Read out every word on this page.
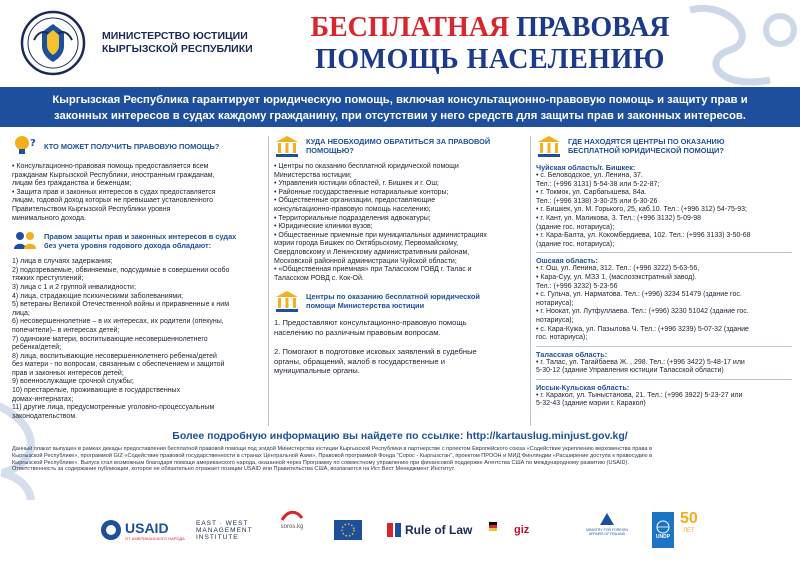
МИНИСТЕРСТВО ЮСТИЦИИ
КЫРГЫЗСКОЙ РЕСПУБЛИКИ
БЕСПЛАТНАЯ ПРАВОВАЯ
ПОМОЩЬ НАСЕЛЕНИЮ
Кыргызская Республика гарантирует юридическую помощь, включая консультационно-правовую помощь и защиту прав и
законных интересов в судах каждому гражданину, при отсутствии у него средств для защиты прав и законных интересов.
? КТО МОЖЕТ ПОЛУЧИТЬ ПРАВОВУЮ ПОМОЩЬ?
• Консультационно-правовая помощь предоставляется всем
гражданам Кыргызской Республики, иностранным гражданам,
лицам без гражданства и беженцам;
• Защита прав и законных интересов в судах предоставляется
лицам, годовой доход которых не превышает установленного
Правительством Кыргызской Республики уровня
минимального дохода.
Правом защиты прав и законных интересов в судах
без учета уровня годового дохода обладают:
1) лица в случаях задержания;
2) подозреваемые, обвиняемые, подсудимые в совершении особо
тяжких преступлений;
3) лица с 1 и 2 группой инвалидности;
4) лица, страдающие психическими заболеваниями;
5) ветераны Великой Отечественной войны и приравненные к ним
лица;
6) несовершеннолетние – в их интересах, их родители (опекуны,
попечители)– в интересах детей;
7) одинокие матери, воспитывающие несовершеннолетнего
ребенка/детей;
8) лица, воспитывающие несовершеннолетнего ребенка/детей
без матери - по вопросам, связанным с обеспечением и защитой
прав и законных интересов детей;
9) военнослужащие срочной службы;
10) престарелые, проживающие в государственных
домах-интернатах;
11) другие лица, предусмотренные уголовно-процессуальным
законодательством.
КУДА НЕОБХОДИМО ОБРАТИТЬСЯ ЗА ПРАВОВОЙ
ПОМОЩЬЮ?
• Центры по оказанию бесплатной юридической помощи
Министерства юстиции;
• Управления юстиции областей, г. Бишкек и г. Ош;
• Районные государственные нотариальные конторы;
• Общественные организации, предоставляющие
консультационно-правовую помощь населению;
• Территориальные подразделения адвокатуры;
• Юридические клиники вузов;
• Общественные приемные при муниципальных администрациях
мэрии города Бишкек по Октябрьскому, Первомайскому,
Свердловскому и Ленинскому административным районам,
Московской районной администрации Чуйской области;
• «Общественная приемная» при Таласском ГОВД г. Талас и
Таласском РОВД с. Кок-Ой.
Центры по оказанию бесплатной юридической
помощи Министерства юстиции
1. Предоставляют консультационно-правовую помощь
населению по различным правовым вопросам.

2. Помогают в подготовке исковых заявлений в судебные
органы, обращений, жалоб в государственные и
муниципальные органы.
ГДЕ НАХОДЯТСЯ ЦЕНТРЫ ПО ОКАЗАНИЮ
БЕСПЛАТНОЙ ЮРИДИЧЕСКОЙ ПОМОЩИ?
Чуйская область/г. Бишкек:
• с. Беловодское, ул. Ленина, 37.
Тел.: (+996 3131) 5-54-38 или 5-22-87;
• г. Токмок, ул. Сарбагышева, 84а.
Тел.: (+996 3138) 3-30-25 или 6-30-26
• г. Бишкек, ул. М. Горького, 25, каб.10. Тел.: (+996 312) 54-75-93;
• г. Кант, ул. Маликова, 3. Тел.: (+996 3132) 5-09-98
(здание гос. нотариуса);
• г. Кара-Балта, ул. Кокомбердиева, 102. Тел.: (+996 3133) 3-50-68
(здание гос. нотариуса);
Ошская область:
• г. Ош, ул. Ленина, 312. Тел.: (+996 3222) 5-63-56,
• Кара-Суу, ул. МЗЗ 1, (маслозэкстратный завод).
Тел.: (+996 3232) 5-23-56
• с. Гульча, ул. Нарматова. Тел.: (+996) 3234 51479 (здание гос.
нотариуса);
• г. Ноокат, ул. Лутфуллаева. Тел.: (+996) 3230 51042 (здание гос.
нотариуса);
• с. Кара-Кужа, ул. Пазылова Ч. Тел.: (+996 3239) 5-07-32 (здание
гос. нотариуса);
Таласская область:
• г. Талас, ул. Тагайбаева Ж. , 298. Тел.: (+996 3422) 5-48-17 или
5-30-12 (здание Управления юстиции Таласской области)
Иссык-Кульская область:
• г. Каракол, ул. Тыныстанова, 21. Тел.: (+996 3922) 5-23-27 или
5-32-43 (здание мэрии г. Каракол)
Более подробную информацию вы найдете по ссылке: http://kartauslug.minjust.gov.kg/
Данный плакат выпущен в рамках декады предоставления бесплатной правовой помощи под эгидой Министерства юстиции Кыргызской Республики в партнерстве с проектом Европейского союза «Содействие укреплению верховенства права в
Кыргызской Республике», программой GIZ «Содействие правовой государственности в странах Центральной Азии», Правовой программой Фонда "Сорос - Кыргызстан", проектом ПРООН и МИД Финляндии «Расширение доступа к правосудию в
Кыргызской Республике». Выпуск стал возможным благодаря помощи американского народа, оказанной через Программу по совместному управлению при финансовой поддержке Агентства США по международному развитию (USAID).
Ответственность за содержание публикации, которое не обязательно отражает позиции USAID или Правительства США, возлагается на Ист Вест Менеджмент Институт.
USAID
ОТ АМЕРИКАНСКОГО НАРОДА
EAST · WEST
MANAGEMENT
INSTITUTE
soros.kg	Rule of Law	giz	MINISTRY FOR FOREIGN AFFAIRS OF FINLAND	UNDP
50
ЛЕТ
